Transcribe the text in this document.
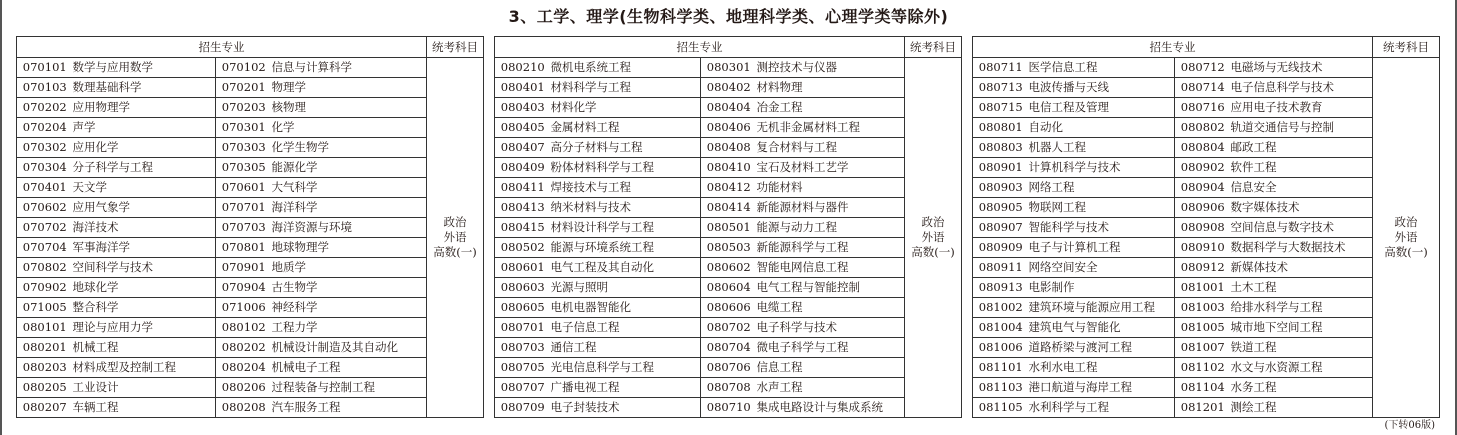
3、工学、理学(生物科学类、地理科学类、心理学类等除外)
招生专业				统考科目
070101	数学与应用数学	070102	信息与计算科学	政治
外语
高数(一)

070103	数理基础科学	070201	物理学	
070202	应用物理学	070203	核物理	
070204	声学	070301	化学	
070302	应用化学	070303	化学生物学	
070304	分子科学与工程	070305	能源化学	
070401	天文学	070601	大气科学	
070602	应用气象学	070701	海洋科学	
070702	海洋技术	070703	海洋资源与环境	
070704	军事海洋学	070801	地球物理学	
070802	空间科学与技术	070901	地质学	
070902	地球化学	070904	古生物学	
071005	整合科学	071006	神经科学	
080101	理论与应用力学	080102	工程力学	
080201	机械工程	080202	机械设计制造及其自动化	
080203	材料成型及控制工程	080204	机械电子工程	
080205	工业设计	080206	过程装备与控制工程	
080207	车辆工程	080208	汽车服务工程	
招生专业				统考科目
080210	微机电系统工程	080301	测控技术与仪器	政治
外语
高数(一)

080401	材料科学与工程	080402	材料物理	
080403	材料化学	080404	冶金工程	
080405	金属材料工程	080406	无机非金属材料工程	
080407	高分子材料与工程	080408	复合材料与工程	
080409	粉体材料科学与工程	080410	宝石及材料工艺学	
080411	焊接技术与工程	080412	功能材料	
080413	纳米材料与技术	080414	新能源材料与器件	
080415	材料设计科学与工程	080501	能源与动力工程	
080502	能源与环境系统工程	080503	新能源科学与工程	
080601	电气工程及其自动化	080602	智能电网信息工程	
080603	光源与照明	080604	电气工程与智能控制	
080605	电机电器智能化	080606	电缆工程	
080701	电子信息工程	080702	电子科学与技术	
080703	通信工程	080704	微电子科学与工程	
080705	光电信息科学与工程	080706	信息工程	
080707	广播电视工程	080708	水声工程	
080709	电子封装技术	080710	集成电路设计与集成系统	
招生专业				统考科目
080711	医学信息工程	080712	电磁场与无线技术	政治
外语
高数(一)

080713	电波传播与天线	080714	电子信息科学与技术	
080715	电信工程及管理	080716	应用电子技术教育	
080801	自动化	080802	轨道交通信号与控制	
080803	机器人工程	080804	邮政工程	
080901	计算机科学与技术	080902	软件工程	
080903	网络工程	080904	信息安全	
080905	物联网工程	080906	数字媒体技术	
080907	智能科学与技术	080908	空间信息与数字技术	
080909	电子与计算机工程	080910	数据科学与大数据技术	
080911	网络空间安全	080912	新媒体技术	
080913	电影制作	081001	土木工程	
081002	建筑环境与能源应用工程	081003	给排水科学与工程	
081004	建筑电气与智能化	081005	城市地下空间工程	
081006	道路桥梁与渡河工程	081007	铁道工程	
081101	水利水电工程	081102	水文与水资源工程	
081103	港口航道与海岸工程	081104	水务工程	
081105	水利科学与工程	081201	测绘工程	
(下转06版)
